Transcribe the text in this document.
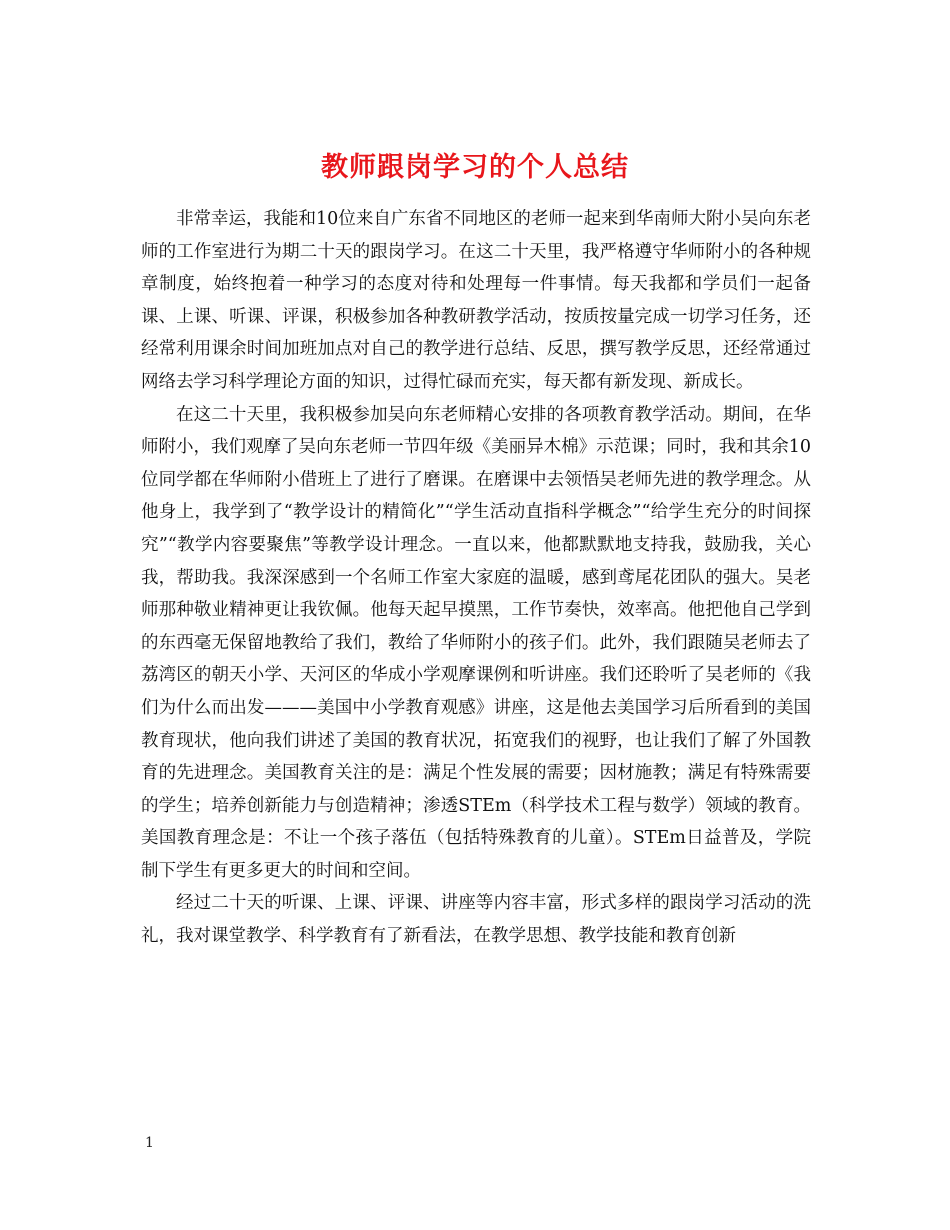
教师跟岗学习的个人总结

非常幸运，我能和10位来自广东省不同地区的老师一起来到华南师大附小吴向东老师的工作室进行为期二十天的跟岗学习。在这二十天里，我严格遵守华师附小的各种规章制度，始终抱着一种学习的态度对待和处理每一件事情。每天我都和学员们一起备课、上课、听课、评课，积极参加各种教研教学活动，按质按量完成一切学习任务，还经常利用课余时间加班加点对自己的教学进行总结、反思，撰写教学反思，还经常通过网络去学习科学理论方面的知识，过得忙碌而充实，每天都有新发现、新成长。

在这二十天里，我积极参加吴向东老师精心安排的各项教育教学活动。期间，在华师附小，我们观摩了吴向东老师一节四年级《美丽异木棉》示范课；同时，我和其余10位同学都在华师附小借班上了进行了磨课。在磨课中去领悟吴老师先进的教学理念。从他身上，我学到了“教学设计的精简化”“学生活动直指科学概念”“给学生充分的时间探究”“教学内容要聚焦”等教学设计理念。一直以来，他都默默地支持我，鼓励我，关心我，帮助我。我深深感到一个名师工作室大家庭的温暖，感到鸢尾花团队的强大。吴老师那种敬业精神更让我钦佩。他每天起早摸黑，工作节奏快，效率高。他把他自己学到的东西毫无保留地教给了我们，教给了华师附小的孩子们。此外，我们跟随吴老师去了荔湾区的朝天小学、天河区的华成小学观摩课例和听讲座。我们还聆听了吴老师的《我们为什么而出发———美国中小学教育观感》讲座，这是他去美国学习后所看到的美国教育现状，他向我们讲述了美国的教育状况，拓宽我们的视野，也让我们了解了外国教育的先进理念。美国教育关注的是：满足个性发展的需要；因材施教；满足有特殊需要的学生；培养创新能力与创造精神；渗透STEm（科学技术工程与数学）领域的教育。美国教育理念是：不让一个孩子落伍（包括特殊教育的儿童）。STEm日益普及，学院制下学生有更多更大的时间和空间。

经过二十天的听课、上课、评课、讲座等内容丰富，形式多样的跟岗学习活动的洗礼，我对课堂教学、科学教育有了新看法，在教学思想、教学技能和教育创新

1
